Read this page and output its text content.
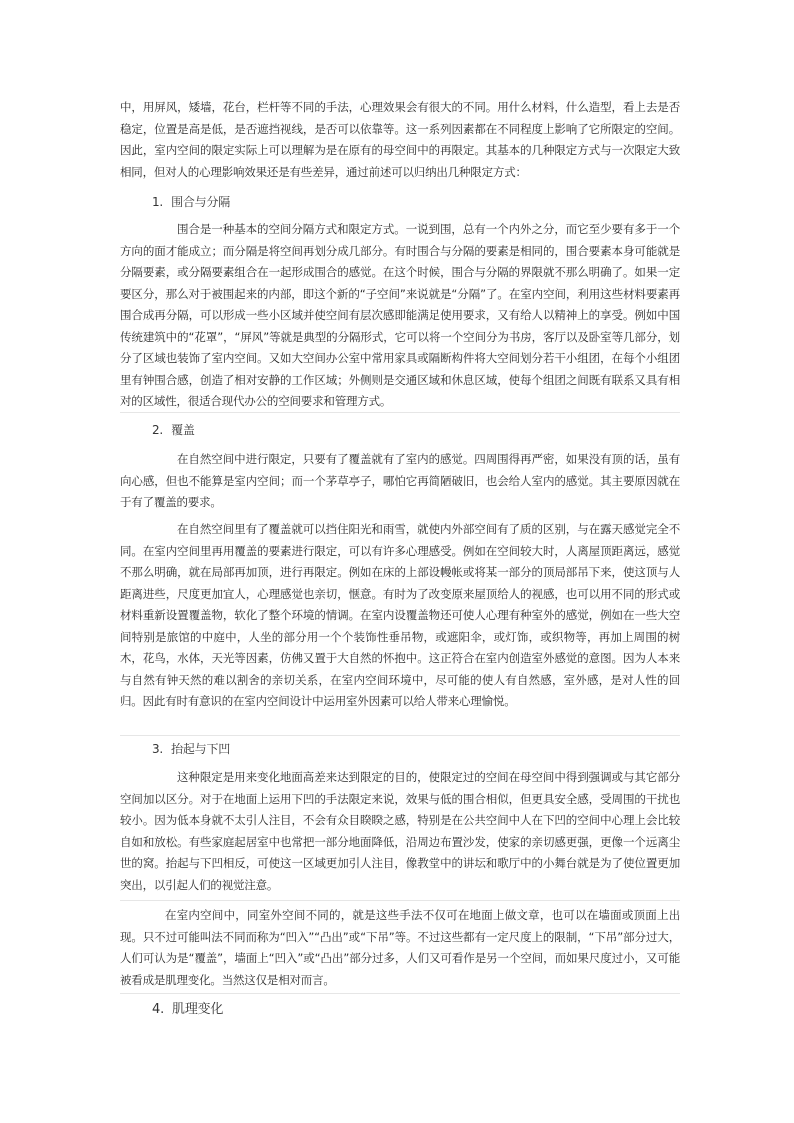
中，用屏风，矮墙，花台，栏杆等不同的手法，心理效果会有很大的不同。用什么材料，什么造型，看上去是否稳定，位置是高是低，是否遮挡视线，是否可以依靠等。这一系列因素都在不同程度上影响了它所限定的空间。因此，室内空间的限定实际上可以理解为是在原有的母空间中的再限定。其基本的几种限定方式与一次限定大致相同，但对人的心理影响效果还是有些差异，通过前述可以归纳出几种限定方式：

1. 围合与分隔

围合是一种基本的空间分隔方式和限定方式。一说到围，总有一个内外之分，而它至少要有多于一个方向的面才能成立；而分隔是将空间再划分成几部分。有时围合与分隔的要素是相同的，围合要素本身可能就是分隔要素，或分隔要素组合在一起形成围合的感觉。在这个时候，围合与分隔的界限就不那么明确了。如果一定要区分，那么对于被围起来的内部，即这个新的“子空间”来说就是“分隔”了。在室内空间，利用这些材料要素再围合成再分隔，可以形成一些小区域并使空间有层次感即能满足使用要求，又有给人以精神上的享受。例如中国传统建筑中的“花罩”，“屏风”等就是典型的分隔形式，它可以将一个空间分为书房，客厅以及卧室等几部分，划分了区域也装饰了室内空间。又如大空间办公室中常用家具或隔断构件将大空间划分若干小组团，在每个小组团里有钟围合感，创造了相对安静的工作区域；外侧则是交通区域和休息区域，使每个组团之间既有联系又具有相对的区域性，很适合现代办公的空间要求和管理方式。

2. 覆盖

在自然空间中进行限定，只要有了覆盖就有了室内的感觉。四周围得再严密，如果没有顶的话，虽有向心感，但也不能算是室内空间；而一个茅草亭子，哪怕它再简陋破旧，也会给人室内的感觉。其主要原因就在于有了覆盖的要求。

在自然空间里有了覆盖就可以挡住阳光和雨雪，就使内外部空间有了质的区别，与在露天感觉完全不同。在室内空间里再用覆盖的要素进行限定，可以有许多心理感受。例如在空间较大时，人离屋顶距离远，感觉不那么明确，就在局部再加顶，进行再限定。例如在床的上部设幔帐或将某一部分的顶局部吊下来，使这顶与人距离进些，尺度更加宜人，心理感觉也亲切，惬意。有时为了改变原来屋顶给人的视感，也可以用不同的形式或材料重新设置覆盖物，软化了整个环境的情调。在室内设覆盖物还可使人心理有种室外的感觉，例如在一些大空间特别是旅馆的中庭中，人坐的部分用一个个装饰性垂吊物，或遮阳伞，或灯饰，或织物等，再加上周围的树木，花鸟，水体，天光等因素，仿佛又置于大自然的怀抱中。这正符合在室内创造室外感觉的意图。因为人本来与自然有钟天然的难以割舍的亲切关系，在室内空间环境中，尽可能的使人有自然感，室外感，是对人性的回归。因此有时有意识的在室内空间设计中运用室外因素可以给人带来心理愉悦。

3. 抬起与下凹

这种限定是用来变化地面高差来达到限定的目的，使限定过的空间在母空间中得到强调或与其它部分空间加以区分。对于在地面上运用下凹的手法限定来说，效果与低的围合相似，但更具安全感，受周围的干扰也较小。因为低本身就不太引人注目，不会有众目睽睽之感，特别是在公共空间中人在下凹的空间中心理上会比较自如和放松。有些家庭起居室中也常把一部分地面降低，沿周边布置沙发，使家的亲切感更强，更像一个远离尘世的窝。抬起与下凹相反，可使这一区域更加引人注目，像教堂中的讲坛和歌厅中的小舞台就是为了使位置更加突出，以引起人们的视觉注意。

在室内空间中，同室外空间不同的，就是这些手法不仅可在地面上做文章，也可以在墙面或顶面上出现。只不过可能叫法不同而称为“凹入”“凸出”或“下吊”等。不过这些都有一定尺度上的限制，“下吊”部分过大，人们可认为是“覆盖”，墙面上“凹入”或“凸出”部分过多，人们又可看作是另一个空间，而如果尺度过小，又可能被看成是肌理变化。当然这仅是相对而言。

4. 肌理变化
